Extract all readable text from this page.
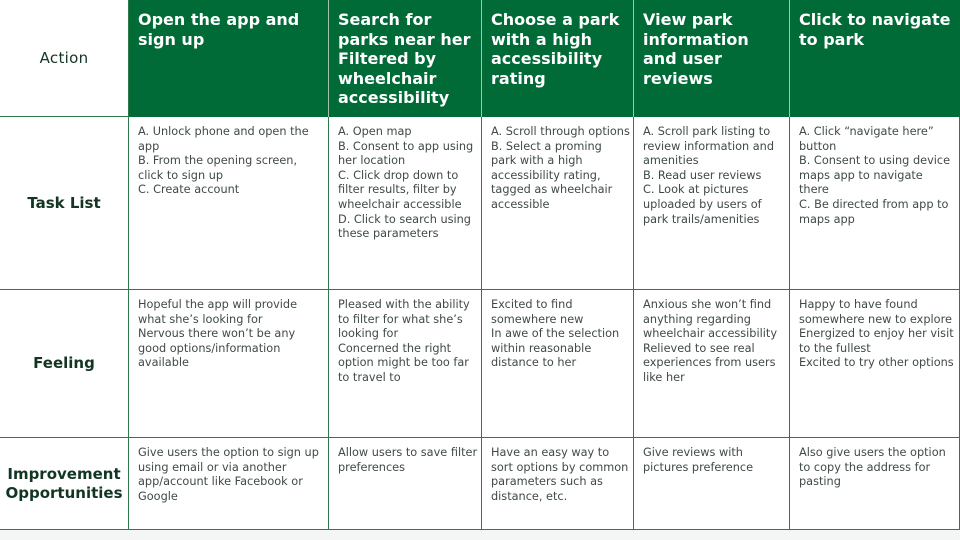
Action
Open the app and sign up
Search for parks near her Filtered by wheelchair accessibility
Choose a park with a high accessibility rating
View park information and user reviews
Click to navigate to park
Task List
A. Unlock phone and open the app
B. From the opening screen, click to sign up
C. Create account
A. Open map
B. Consent to app using her location
C. Click drop down to filter results, filter by wheelchair accessible
D. Click to search using these parameters
A. Scroll through options
B. Select a proming park with a high accessibility rating, tagged as wheelchair accessible
A. Scroll park listing to review information and amenities
B. Read user reviews
C. Look at pictures uploaded by users of park trails/amenities
A. Click “navigate here” button
B. Consent to using device maps app to navigate there
C. Be directed from app to maps app
Feeling
Hopeful the app will provide what she’s looking for
Nervous there won’t be any good options/information available
Pleased with the ability to filter for what she’s looking for
Concerned the right option might be too far to travel to
Excited to find somewhere new
In awe of the selection within reasonable distance to her
Anxious she won’t find anything regarding wheelchair accessibility
Relieved to see real experiences from users like her
Happy to have found somewhere new to explore
Energized to enjoy her visit to the fullest
Excited to try other options
Improvement Opportunities
Give users the option to sign up using email or via another app/account like Facebook or Google
Allow users to save filter preferences
Have an easy way to sort options by common parameters such as distance, etc.
Give reviews with pictures preference
Also give users the option to copy the address for pasting
